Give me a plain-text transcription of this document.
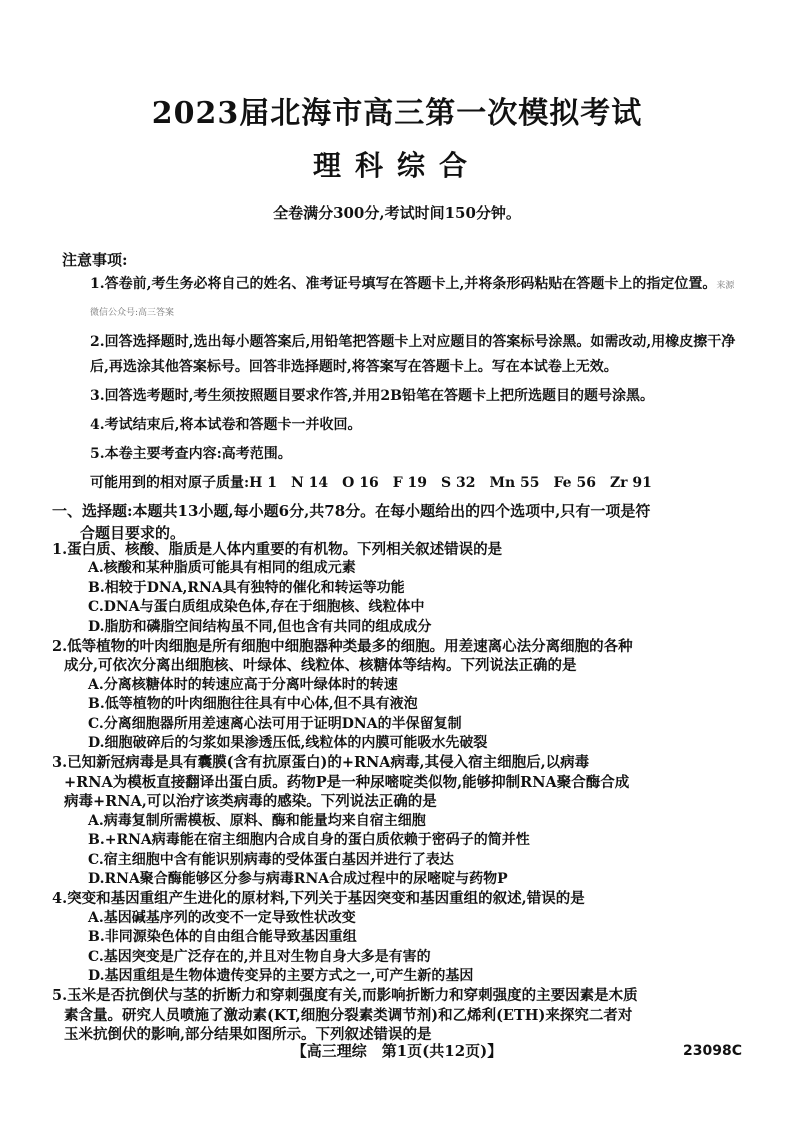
2023届北海市高三第一次模拟考试
理科综合
全卷满分300分,考试时间150分钟。
注意事项:
1.答卷前,考生务必将自己的姓名、准考证号填写在答题卡上,并将条形码粘贴在答题卡上的指定位置。来源微信公众号:高三答案
2.回答选择题时,选出每小题答案后,用铅笔把答题卡上对应题目的答案标号涂黑。如需改动,用橡皮擦干净后,再选涂其他答案标号。回答非选择题时,将答案写在答题卡上。写在本试卷上无效。
3.回答选考题时,考生须按照题目要求作答,并用2B铅笔在答题卡上把所选题目的题号涂黑。
4.考试结束后,将本试卷和答题卡一并收回。
5.本卷主要考查内容:高考范围。
可能用到的相对原子质量:H 1　N 14　O 16　F 19　S 32　Mn 55　Fe 56　Zr 91
一、选择题:本题共13小题,每小题6分,共78分。在每小题给出的四个选项中,只有一项是符
合题目要求的。
1.蛋白质、核酸、脂质是人体内重要的有机物。下列相关叙述错误的是
A.核酸和某种脂质可能具有相同的组成元素
B.相较于DNA,RNA具有独特的催化和转运等功能
C.DNA与蛋白质组成染色体,存在于细胞核、线粒体中
D.脂肪和磷脂空间结构虽不同,但也含有共同的组成成分
2.低等植物的叶肉细胞是所有细胞中细胞器种类最多的细胞。用差速离心法分离细胞的各种
成分,可依次分离出细胞核、叶绿体、线粒体、核糖体等结构。下列说法正确的是
A.分离核糖体时的转速应高于分离叶绿体时的转速
B.低等植物的叶肉细胞往往具有中心体,但不具有液泡
C.分离细胞器所用差速离心法可用于证明DNA的半保留复制
D.细胞破碎后的匀浆如果渗透压低,线粒体的内膜可能吸水先破裂
3.已知新冠病毒是具有囊膜(含有抗原蛋白)的+RNA病毒,其侵入宿主细胞后,以病毒
+RNA为模板直接翻译出蛋白质。药物P是一种尿嘧啶类似物,能够抑制RNA聚合酶合成
病毒+RNA,可以治疗该类病毒的感染。下列说法正确的是
A.病毒复制所需模板、原料、酶和能量均来自宿主细胞
B.+RNA病毒能在宿主细胞内合成自身的蛋白质依赖于密码子的简并性
C.宿主细胞中含有能识别病毒的受体蛋白基因并进行了表达
D.RNA聚合酶能够区分参与病毒RNA合成过程中的尿嘧啶与药物P
4.突变和基因重组产生进化的原材料,下列关于基因突变和基因重组的叙述,错误的是
A.基因碱基序列的改变不一定导致性状改变
B.非同源染色体的自由组合能导致基因重组
C.基因突变是广泛存在的,并且对生物自身大多是有害的
D.基因重组是生物体遗传变异的主要方式之一,可产生新的基因
5.玉米是否抗倒伏与茎的折断力和穿刺强度有关,而影响折断力和穿刺强度的主要因素是木质
素含量。研究人员喷施了激动素(KT,细胞分裂素类调节剂)和乙烯利(ETH)来探究二者对
玉米抗倒伏的影响,部分结果如图所示。下列叙述错误的是
【高三理综　第1页(共12页)】	23098C
